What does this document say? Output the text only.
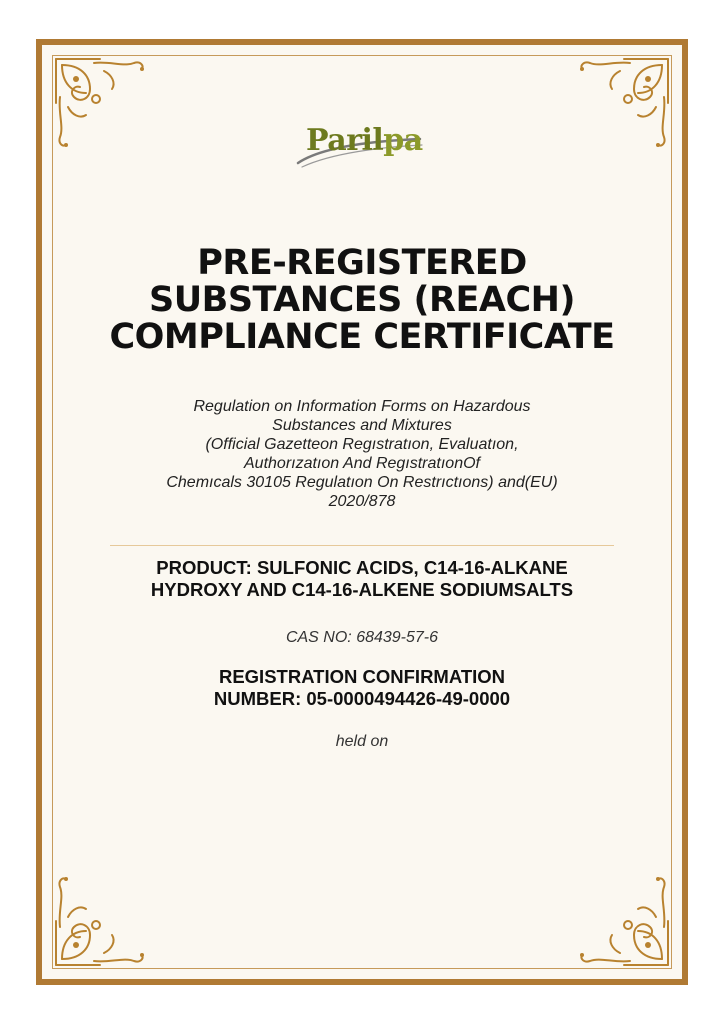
Parilpa
PRE-REGISTERED
SUBSTANCES (REACH)
COMPLIANCE CERTIFICATE
Regulation on Information Forms on Hazardous
Substances and Mixtures
(Official Gazetteon Regıstratıon, Evaluatıon,
Authorızatıon And RegıstratıonOf
Chemıcals 30105 Regulatıon On Restrıctıons) and(EU)
2020/878
PRODUCT: SULFONIC ACIDS, C14-16-ALKANE
HYDROXY AND C14-16-ALKENE SODIUMSALTS
CAS NO: 68439-57-6
REGISTRATION CONFIRMATION
NUMBER: 05-0000494426-49-0000
held on
